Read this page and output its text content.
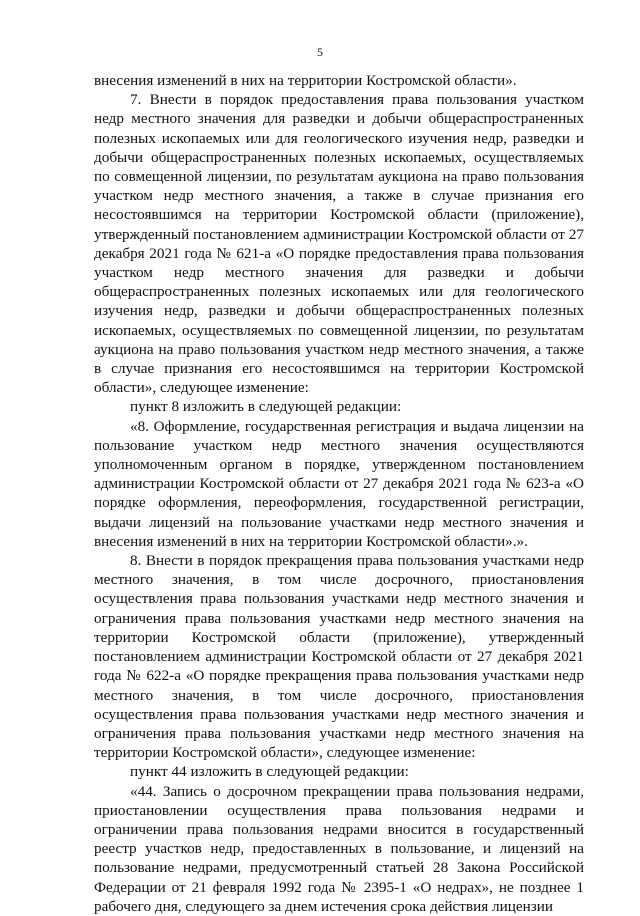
5

внесения изменений в них на территории Костромской области».

7. Внести в порядок предоставления права пользования участком недр местного значения для разведки и добычи общераспространенных полезных ископаемых или для геологического изучения недр, разведки и добычи общераспространенных полезных ископаемых, осуществляемых по совмещенной лицензии, по результатам аукциона на право пользования участком недр местного значения, а также в случае признания его несостоявшимся на территории Костромской области (приложение), утвержденный постановлением администрации Костромской области от 27 декабря 2021 года № 621-а «О порядке предоставления права пользования участком недр местного значения для разведки и добычи общераспространенных полезных ископаемых или для геологического изучения недр, разведки и добычи общераспространенных полезных ископаемых, осуществляемых по совмещенной лицензии, по результатам аукциона на право пользования участком недр местного значения, а также в случае признания его несостоявшимся на территории Костромской области», следующее изменение:

пункт 8 изложить в следующей редакции:

«8. Оформление, государственная регистрация и выдача лицензии на пользование участком недр местного значения осуществляются уполномоченным органом в порядке, утвержденном постановлением администрации Костромской области от 27 декабря 2021 года № 623-а «О порядке оформления, переоформления, государственной регистрации, выдачи лицензий на пользование участками недр местного значения и внесения изменений в них на территории Костромской области».».

8. Внести в порядок прекращения права пользования участками недр местного значения, в том числе досрочного, приостановления осуществления права пользования участками недр местного значения и ограничения права пользования участками недр местного значения на территории Костромской области (приложение), утвержденный постановлением администрации Костромской области от 27 декабря 2021 года № 622-а «О порядке прекращения права пользования участками недр местного значения, в том числе досрочного, приостановления осуществления права пользования участками недр местного значения и ограничения права пользования участками недр местного значения на территории Костромской области», следующее изменение:

пункт 44 изложить в следующей редакции:

«44. Запись о досрочном прекращении права пользования недрами, приостановлении осуществления права пользования недрами и ограничении права пользования недрами вносится в государственный реестр участков недр, предоставленных в пользование, и лицензий на пользование недрами, предусмотренный статьей 28 Закона Российской Федерации от 21 февраля 1992 года № 2395-1 «О недрах», не позднее 1 рабочего дня, следующего за днем истечения срока действия лицензии
